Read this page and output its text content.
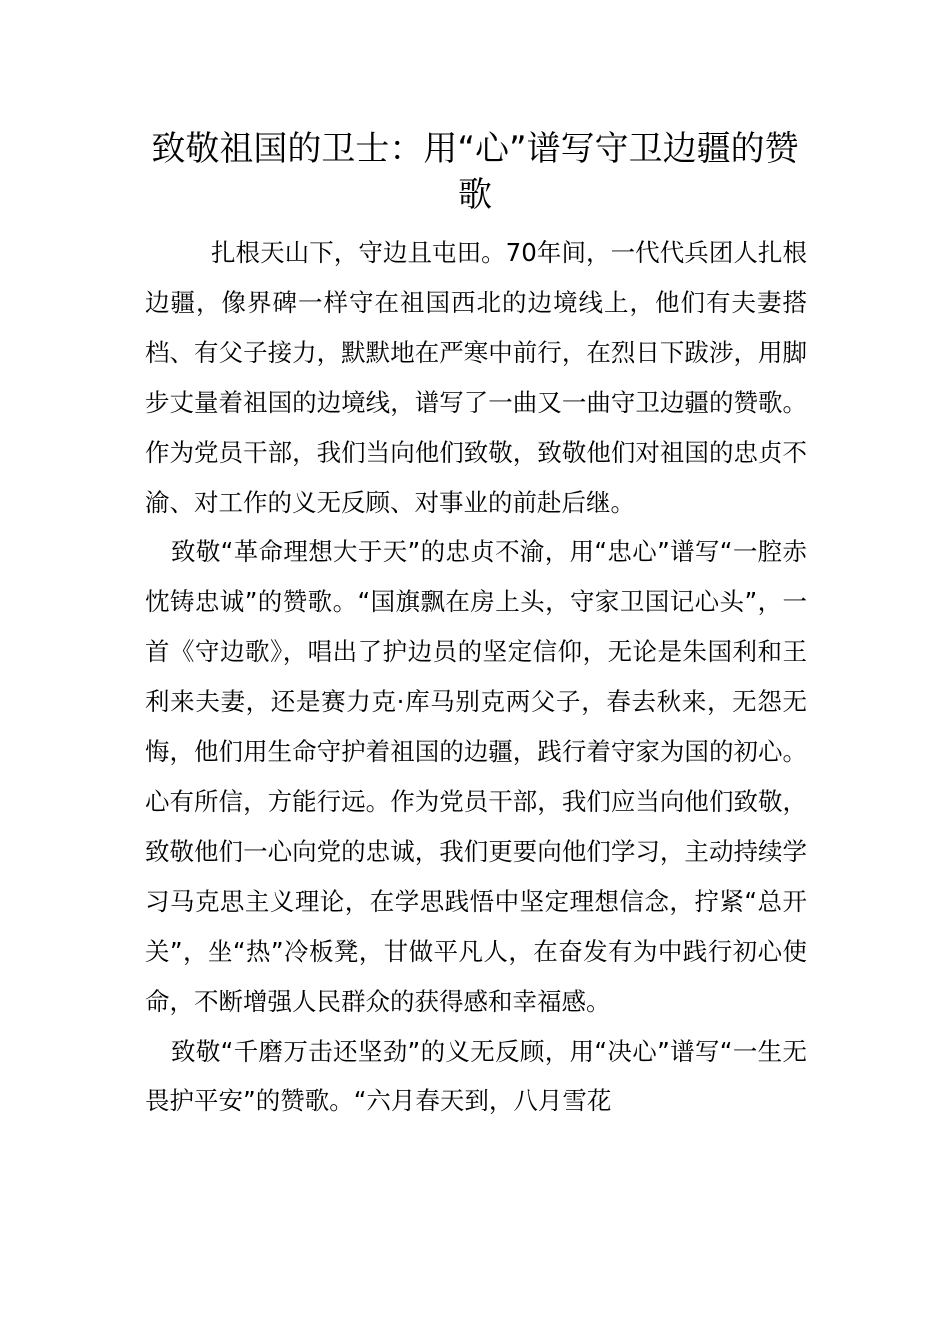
致敬祖国的卫士：用“心”谱写守卫边疆的赞歌

扎根天山下，守边且屯田。70年间，一代代兵团人扎根边疆，像界碑一样守在祖国西北的边境线上，他们有夫妻搭档、有父子接力，默默地在严寒中前行，在烈日下跋涉，用脚步丈量着祖国的边境线，谱写了一曲又一曲守卫边疆的赞歌。作为党员干部，我们当向他们致敬，致敬他们对祖国的忠贞不渝、对工作的义无反顾、对事业的前赴后继。

致敬“革命理想大于天”的忠贞不渝，用“忠心”谱写“一腔赤忱铸忠诚”的赞歌。“国旗飘在房上头，守家卫国记心头”，一首《守边歌》，唱出了护边员的坚定信仰，无论是朱国利和王利来夫妻，还是赛力克·库马别克两父子，春去秋来，无怨无悔，他们用生命守护着祖国的边疆，践行着守家为国的初心。心有所信，方能行远。作为党员干部，我们应当向他们致敬，致敬他们一心向党的忠诚，我们更要向他们学习，主动持续学习马克思主义理论，在学思践悟中坚定理想信念，拧紧“总开关”，坐“热”冷板凳，甘做平凡人，在奋发有为中践行初心使命，不断增强人民群众的获得感和幸福感。

致敬“千磨万击还坚劲”的义无反顾，用“决心”谱写“一生无畏护平安”的赞歌。“六月春天到，八月雪花
